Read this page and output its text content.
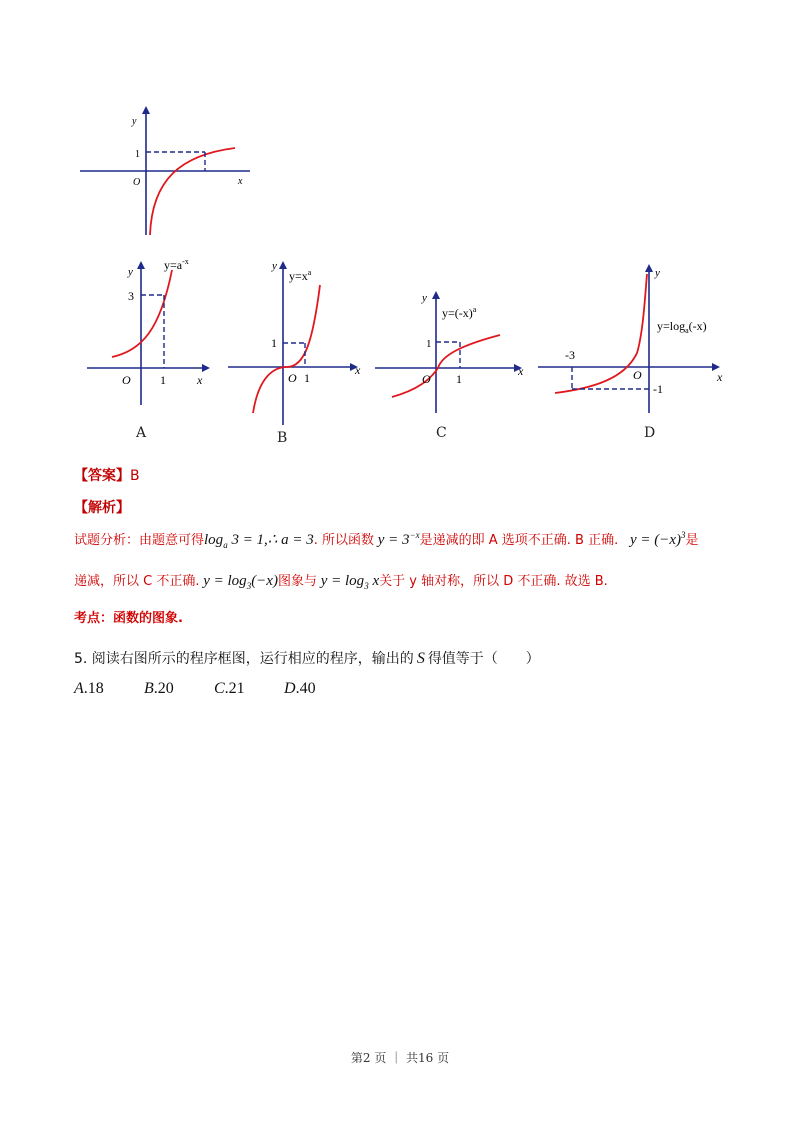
y
x
O
1
$y=a^{-x}$
y
3
O 1	x
A
$y=x^a$
y
1
O 1
x
B
$y=(-x)^a$
y
1
O 1
x
C
$y=\log_a(-x)$
y
-3
O
-1
x
D
【答案】B
【解析】
试题分析：由题意可得$\log_a 3$ = 1,∴ a = 3. 所以函数 $y = 3^{-x}$是递减的即 A 选项不正确. B 正确. $y = (-x)^3$是
递减，所以 C 不正确. $y = \log_3(-x)$图象与 $y = \log_3 x$关于 y 轴对称，所以 D 不正确. 故选 B.
考点：函数的图象.
5. 阅读右图所示的程序框图，运行相应的程序，输出的 S 得值等于（　　）
A.18	B.20	C.21 D.40
第2 页 ｜ 共16 页
